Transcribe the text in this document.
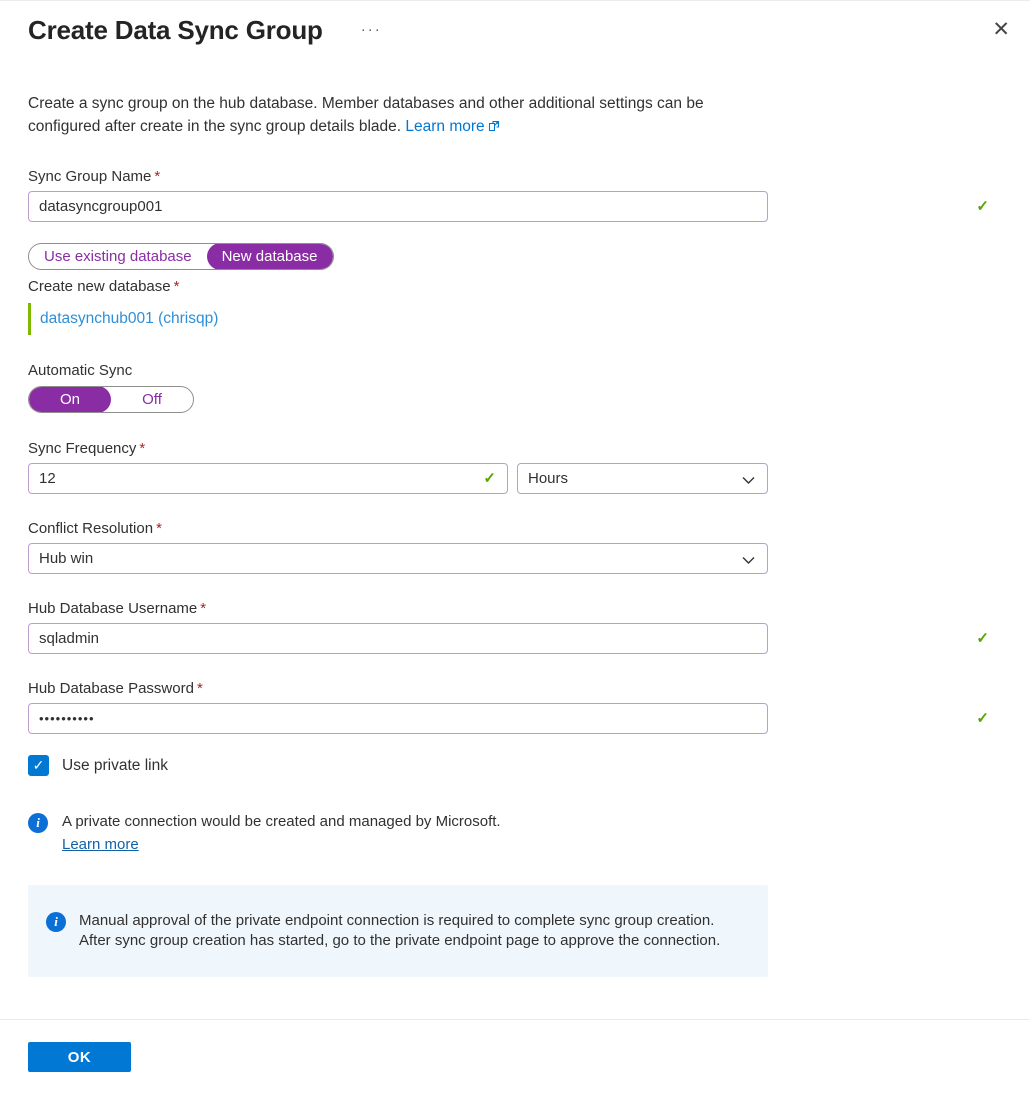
Create Data Sync Group	···	✕
Create a sync group on the hub database. Member databases and other additional settings can be configured after create in the sync group details blade. Learn more
Sync Group Name *
datasyncgroup001
✓
Use existing database	New database
Create new database *
datasynchub001 (chrisqp)
Automatic Sync
On	Off
Sync Frequency *
12
✓ Hours
Conflict Resolution *
Hub win
Hub Database Username *
sqladmin
✓
Hub Database Password *
••••••••••
✓
✓ Use private link
i	A private connection would be created and managed by Microsoft.
Learn more
i	Manual approval of the private endpoint connection is required to complete sync group creation. After sync group creation has started, go to the private endpoint page to approve the connection.
OK
